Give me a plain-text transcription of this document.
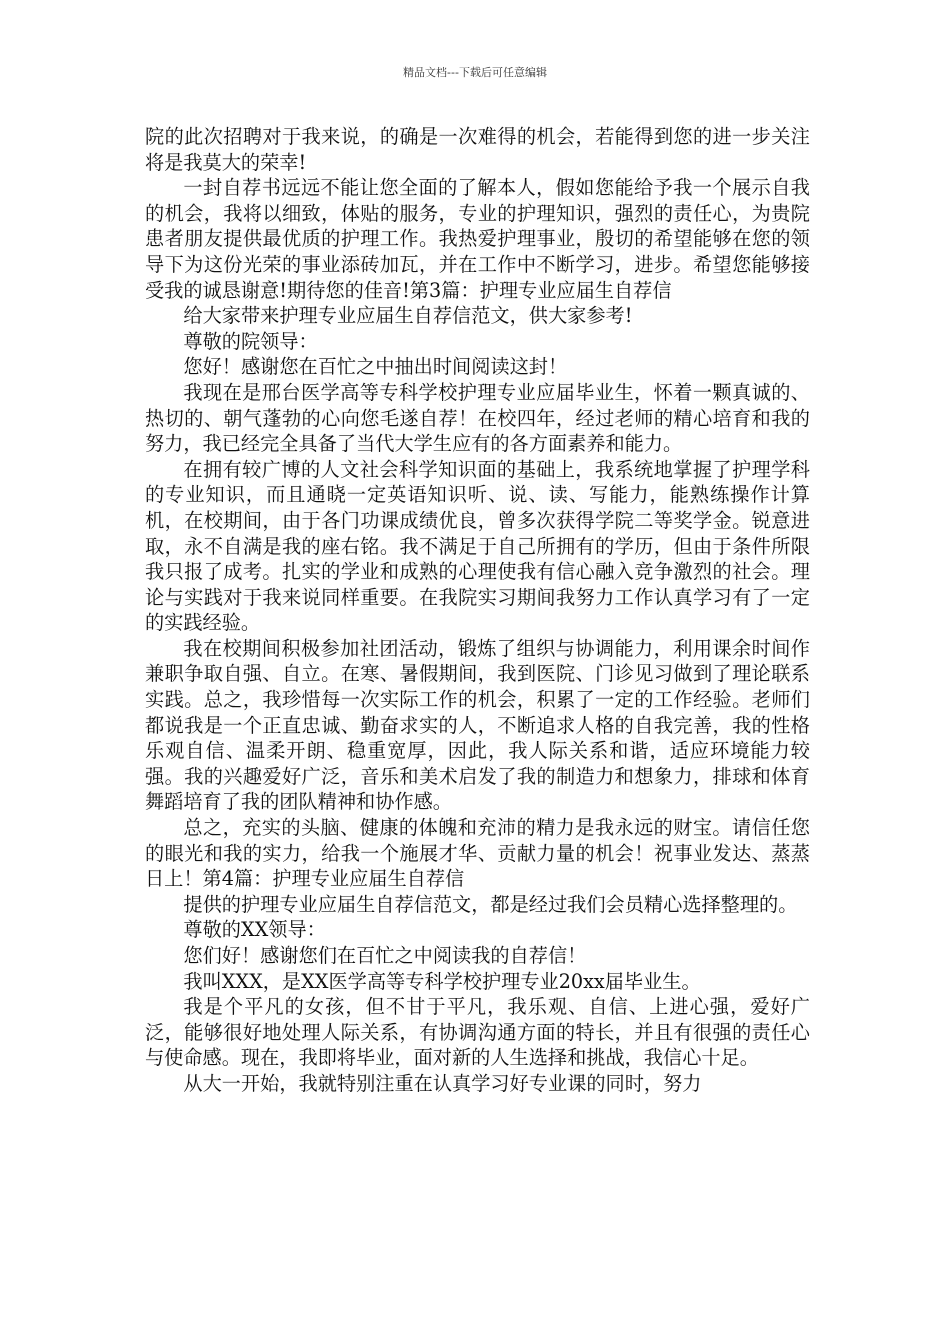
精品文档---下载后可任意编辑

院的此次招聘对于我来说，的确是一次难得的机会，若能得到您的进一步关注将是我莫大的荣幸!

一封自荐书远远不能让您全面的了解本人，假如您能给予我一个展示自我的机会，我将以细致，体贴的服务，专业的护理知识，强烈的责任心，为贵院患者朋友提供最优质的护理工作。我热爱护理事业，殷切的希望能够在您的领导下为这份光荣的事业添砖加瓦，并在工作中不断学习，进步。希望您能够接受我的诚恳谢意!期待您的佳音!第3篇：护理专业应届生自荐信

给大家带来护理专业应届生自荐信范文，供大家参考!

尊敬的院领导：

您好！感谢您在百忙之中抽出时间阅读这封！

我现在是邢台医学高等专科学校护理专业应届毕业生，怀着一颗真诚的、热切的、朝气蓬勃的心向您毛遂自荐！在校四年，经过老师的精心培育和我的努力，我已经完全具备了当代大学生应有的各方面素养和能力。

在拥有较广博的人文社会科学知识面的基础上，我系统地掌握了护理学科的专业知识，而且通晓一定英语知识听、说、读、写能力，能熟练操作计算机，在校期间，由于各门功课成绩优良，曾多次获得学院二等奖学金。锐意进取，永不自满是我的座右铭。我不满足于自己所拥有的学历，但由于条件所限我只报了成考。扎实的学业和成熟的心理使我有信心融入竞争激烈的社会。理论与实践对于我来说同样重要。在我院实习期间我努力工作认真学习有了一定的实践经验。

我在校期间积极参加社团活动，锻炼了组织与协调能力，利用课余时间作兼职争取自强、自立。在寒、暑假期间，我到医院、门诊见习做到了理论联系实践。总之，我珍惜每一次实际工作的机会，积累了一定的工作经验。老师们都说我是一个正直忠诚、勤奋求实的人，不断追求人格的自我完善，我的性格乐观自信、温柔开朗、稳重宽厚，因此，我人际关系和谐，适应环境能力较强。我的兴趣爱好广泛，音乐和美术启发了我的制造力和想象力，排球和体育舞蹈培育了我的团队精神和协作感。

总之，充实的头脑、健康的体魄和充沛的精力是我永远的财宝。请信任您的眼光和我的实力，给我一个施展才华、贡献力量的机会！祝事业发达、蒸蒸日上！第4篇：护理专业应届生自荐信

提供的护理专业应届生自荐信范文，都是经过我们会员精心选择整理的。

尊敬的XX领导：

您们好！感谢您们在百忙之中阅读我的自荐信！

我叫XXX，是XX医学高等专科学校护理专业20xx届毕业生。

我是个平凡的女孩，但不甘于平凡，我乐观、自信、上进心强，爱好广泛，能够很好地处理人际关系，有协调沟通方面的特长，并且有很强的责任心与使命感。现在，我即将毕业，面对新的人生选择和挑战，我信心十足。

从大一开始，我就特别注重在认真学习好专业课的同时，努力
